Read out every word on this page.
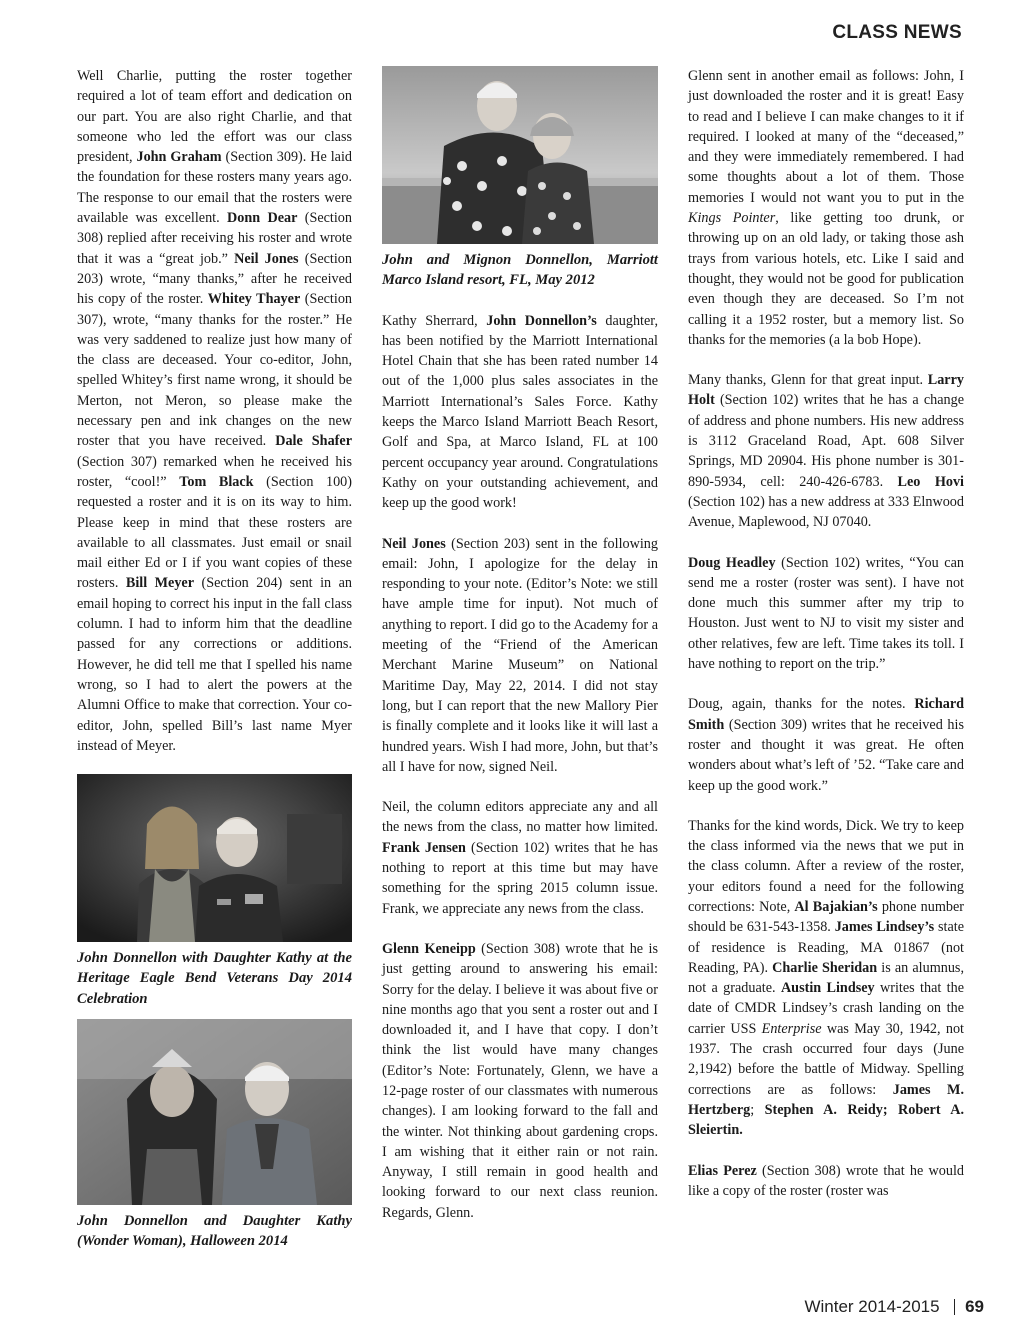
CLASS NEWS

Well Charlie, putting the roster together required a lot of team effort and dedication on our part. You are also right Charlie, and that someone who led the effort was our class president, John Graham (Section 309). He laid the foundation for these rosters many years ago. The response to our email that the rosters were available was excellent. Donn Dear (Section 308) replied after receiving his roster and wrote that it was a “great job.” Neil Jones (Section 203) wrote, “many thanks,” after he received his copy of the roster. Whitey Thayer (Section 307), wrote, “many thanks for the roster.” He was very saddened to realize just how many of the class are deceased. Your co-editor, John, spelled Whitey’s first name wrong, it should be Merton, not Meron, so please make the necessary pen and ink changes on the new roster that you have received. Dale Shafer (Section 307) remarked when he received his roster, “cool!” Tom Black (Section 100) requested a roster and it is on its way to him. Please keep in mind that these rosters are available to all classmates. Just email or snail mail either Ed or I if you want copies of these rosters. Bill Meyer (Section 204) sent in an email hoping to correct his input in the fall class column. I had to inform him that the deadline passed for any corrections or additions. However, he did tell me that I spelled his name wrong, so I had to alert the powers at the Alumni Office to make that correction. Your co-editor, John, spelled Bill’s last name Myer instead of Meyer.

John Donnellon with Daughter Kathy at the Heritage Eagle Bend Veterans Day 2014 Celebration

John Donnellon and Daughter Kathy (Wonder Woman), Halloween 2014

John and Mignon Donnellon, Marriott Marco Island resort, FL, May 2012

Kathy Sherrard, John Donnellon’s daughter, has been notified by the Marriott International Hotel Chain that she has been rated number 14 out of the 1,000 plus sales associates in the Marriott International’s Sales Force. Kathy keeps the Marco Island Marriott Beach Resort, Golf and Spa, at Marco Island, FL at 100 percent occupancy year around. Congratulations Kathy on your outstanding achievement, and keep up the good work!

Neil Jones (Section 203) sent in the following email: John, I apologize for the delay in responding to your note. (Editor’s Note: we still have ample time for input). Not much of anything to report. I did go to the Academy for a meeting of the “Friend of the American Merchant Marine Museum” on National Maritime Day, May 22, 2014. I did not stay long, but I can report that the new Mallory Pier is finally complete and it looks like it will last a hundred years. Wish I had more, John, but that’s all I have for now, signed Neil.

Neil, the column editors appreciate any and all the news from the class, no matter how limited. Frank Jensen (Section 102) writes that he has nothing to report at this time but may have something for the spring 2015 column issue. Frank, we appreciate any news from the class.

Glenn Keneipp (Section 308) wrote that he is just getting around to answering his email: Sorry for the delay. I believe it was about five or nine months ago that you sent a roster out and I downloaded it, and I have that copy. I don’t think the list would have many changes (Editor’s Note: Fortunately, Glenn, we have a 12-page roster of our classmates with numerous changes). I am looking forward to the fall and the winter. Not thinking about gardening crops. I am wishing that it either rain or not rain. Anyway, I still remain in good health and looking forward to our next class reunion. Regards, Glenn.

Glenn sent in another email as follows: John, I just downloaded the roster and it is great! Easy to read and I believe I can make changes to it if required. I looked at many of the “deceased,” and they were immediately remembered. I had some thoughts about a lot of them. Those memories I would not want you to put in the Kings Pointer, like getting too drunk, or throwing up on an old lady, or taking those ash trays from various hotels, etc. Like I said and thought, they would not be good for publication even though they are deceased. So I’m not calling it a 1952 roster, but a memory list. So thanks for the memories (a la bob Hope).

Many thanks, Glenn for that great input. Larry Holt (Section 102) writes that he has a change of address and phone numbers. His new address is 3112 Graceland Road, Apt. 608 Silver Springs, MD 20904. His phone number is 301-890-5934, cell: 240-426-6783. Leo Hovi (Section 102) has a new address at 333 Elnwood Avenue, Maplewood, NJ 07040.

Doug Headley (Section 102) writes, “You can send me a roster (roster was sent). I have not done much this summer after my trip to Houston. Just went to NJ to visit my sister and other relatives, few are left. Time takes its toll. I have nothing to report on the trip.”

Doug, again, thanks for the notes. Richard Smith (Section 309) writes that he received his roster and thought it was great. He often wonders about what’s left of ’52. “Take care and keep up the good work.”

Thanks for the kind words, Dick. We try to keep the class informed via the news that we put in the class column. After a review of the roster, your editors found a need for the following corrections: Note, Al Bajakian’s phone number should be 631-543-1358. James Lindsey’s state of residence is Reading, MA 01867 (not Reading, PA). Charlie Sheridan is an alumnus, not a graduate. Austin Lindsey writes that the date of CMDR Lindsey’s crash landing on the carrier USS Enterprise was May 30, 1942, not 1937. The crash occurred four days (June 2,1942) before the battle of Midway. Spelling corrections are as follows: James M. Hertzberg; Stephen A. Reidy; Robert A. Sleiertin.

Elias Perez (Section 308) wrote that he would like a copy of the roster (roster was

Winter 2014-2015 69
